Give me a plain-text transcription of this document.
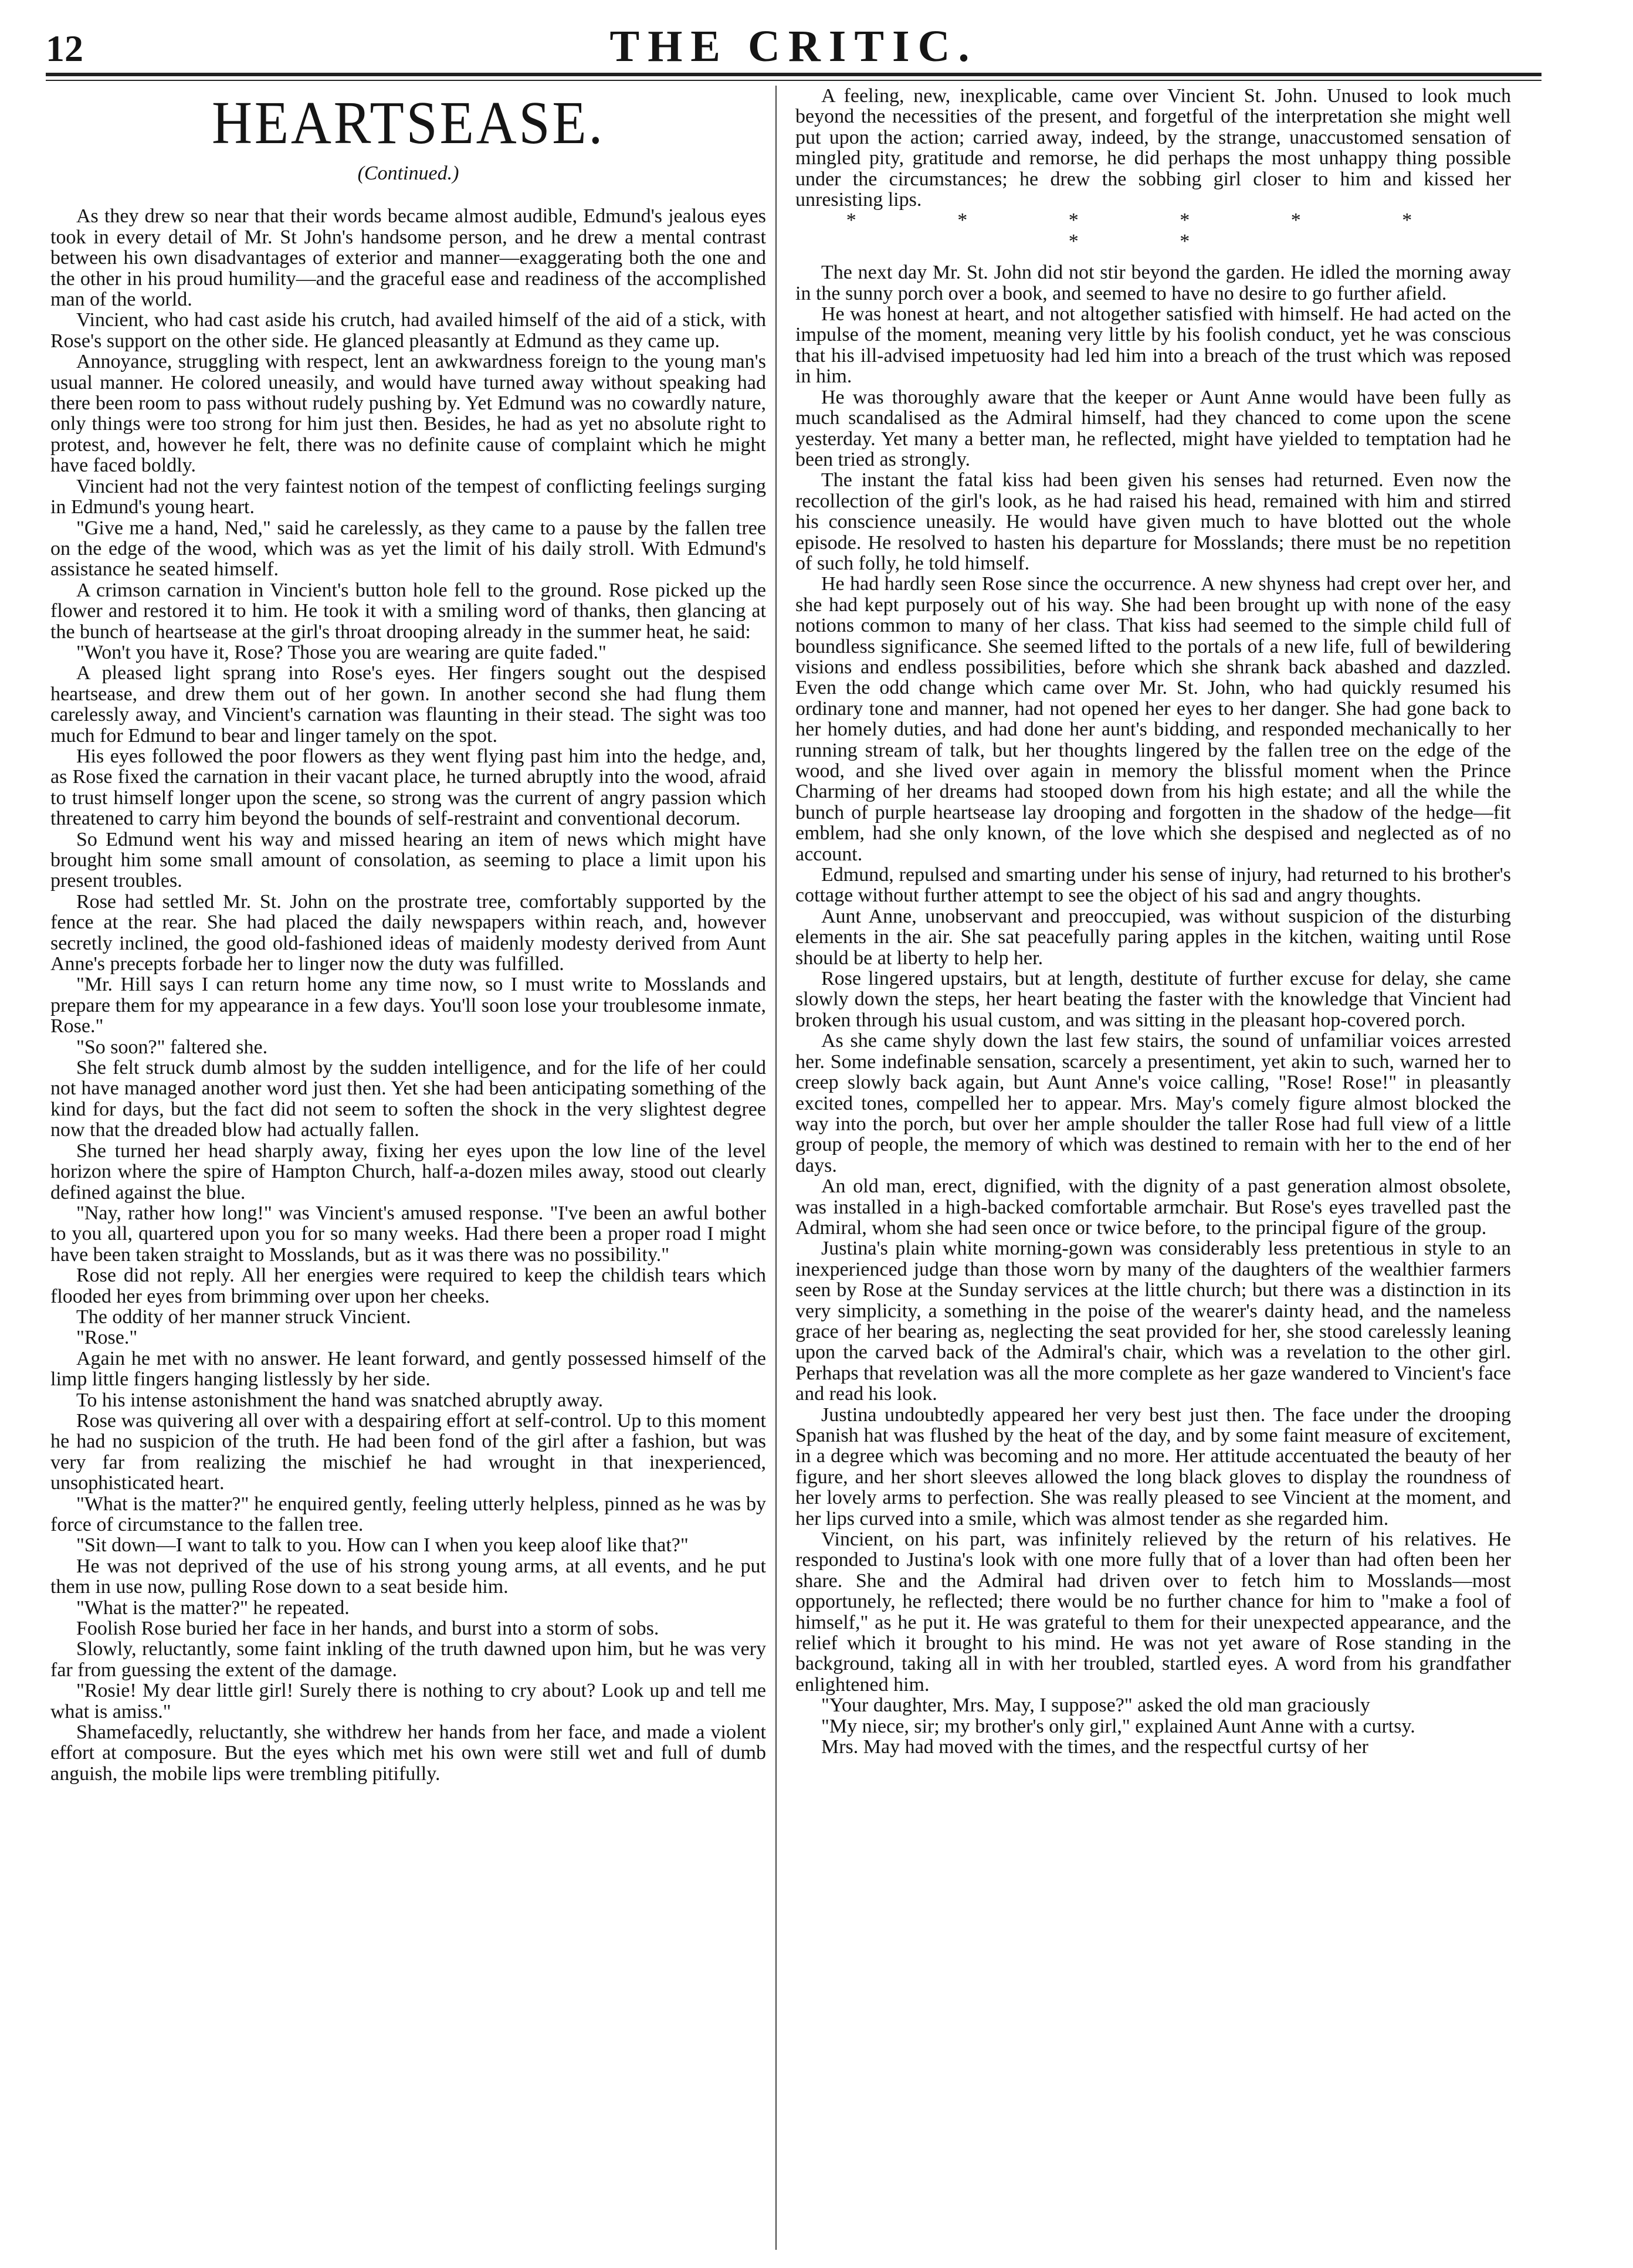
12	THE CRITIC.
HEARTSEASE.
(Continued.)

As they drew so near that their words became almost audible, Edmund's jealous eyes took in every detail of Mr. St John's handsome person, and he drew a mental contrast between his own disadvantages of exterior and manner—exaggerating both the one and the other in his proud humility—and the graceful ease and readiness of the accomplished man of the world.

Vincient, who had cast aside his crutch, had availed himself of the aid of a stick, with Rose's support on the other side. He glanced pleasantly at Edmund as they came up.

Annoyance, struggling with respect, lent an awkwardness foreign to the young man's usual manner. He colored uneasily, and would have turned away without speaking had there been room to pass without rudely pushing by. Yet Edmund was no cowardly nature, only things were too strong for him just then. Besides, he had as yet no absolute right to protest, and, however he felt, there was no definite cause of complaint which he might have faced boldly.

Vincient had not the very faintest notion of the tempest of conflicting feelings surging in Edmund's young heart.

"Give me a hand, Ned," said he carelessly, as they came to a pause by the fallen tree on the edge of the wood, which was as yet the limit of his daily stroll. With Edmund's assistance he seated himself.

A crimson carnation in Vincient's button hole fell to the ground. Rose picked up the flower and restored it to him. He took it with a smiling word of thanks, then glancing at the bunch of heartsease at the girl's throat drooping already in the summer heat, he said:

"Won't you have it, Rose? Those you are wearing are quite faded."

A pleased light sprang into Rose's eyes. Her fingers sought out the despised heartsease, and drew them out of her gown. In another second she had flung them carelessly away, and Vincient's carnation was flaunting in their stead. The sight was too much for Edmund to bear and linger tamely on the spot.

His eyes followed the poor flowers as they went flying past him into the hedge, and, as Rose fixed the carnation in their vacant place, he turned abruptly into the wood, afraid to trust himself longer upon the scene, so strong was the current of angry passion which threatened to carry him beyond the bounds of self-restraint and conventional decorum.

So Edmund went his way and missed hearing an item of news which might have brought him some small amount of consolation, as seeming to place a limit upon his present troubles.

Rose had settled Mr. St. John on the prostrate tree, comfortably supported by the fence at the rear. She had placed the daily newspapers within reach, and, however secretly inclined, the good old-fashioned ideas of maidenly modesty derived from Aunt Anne's precepts forbade her to linger now the duty was fulfilled.

"Mr. Hill says I can return home any time now, so I must write to Mosslands and prepare them for my appearance in a few days. You'll soon lose your troublesome inmate, Rose."

"So soon?" faltered she.

She felt struck dumb almost by the sudden intelligence, and for the life of her could not have managed another word just then. Yet she had been anticipating something of the kind for days, but the fact did not seem to soften the shock in the very slightest degree now that the dreaded blow had actually fallen.

She turned her head sharply away, fixing her eyes upon the low line of the level horizon where the spire of Hampton Church, half-a-dozen miles away, stood out clearly defined against the blue.

"Nay, rather how long!" was Vincient's amused response. "I've been an awful bother to you all, quartered upon you for so many weeks. Had there been a proper road I might have been taken straight to Mosslands, but as it was there was no possibility."

Rose did not reply. All her energies were required to keep the childish tears which flooded her eyes from brimming over upon her cheeks.

The oddity of her manner struck Vincient.

"Rose."

Again he met with no answer. He leant forward, and gently possessed himself of the limp little fingers hanging listlessly by her side.

To his intense astonishment the hand was snatched abruptly away.

Rose was quivering all over with a despairing effort at self-control. Up to this moment he had no suspicion of the truth. He had been fond of the girl after a fashion, but was very far from realizing the mischief he had wrought in that inexperienced, unsophisticated heart.

"What is the matter?" he enquired gently, feeling utterly helpless, pinned as he was by force of circumstance to the fallen tree.

"Sit down—I want to talk to you. How can I when you keep aloof like that?"

He was not deprived of the use of his strong young arms, at all events, and he put them in use now, pulling Rose down to a seat beside him.

"What is the matter?" he repeated.

Foolish Rose buried her face in her hands, and burst into a storm of sobs.

Slowly, reluctantly, some faint inkling of the truth dawned upon him, but he was very far from guessing the extent of the damage.

"Rosie! My dear little girl! Surely there is nothing to cry about? Look up and tell me what is amiss."

Shamefacedly, reluctantly, she withdrew her hands from her face, and made a violent effort at composure. But the eyes which met his own were still wet and full of dumb anguish, the mobile lips were trembling pitifully.

A feeling, new, inexplicable, came over Vincient St. John. Unused to look much beyond the necessities of the present, and forgetful of the interpretation she might well put upon the action; carried away, indeed, by the strange, unaccustomed sensation of mingled pity, gratitude and remorse, he did perhaps the most unhappy thing possible under the circumstances; he drew the sobbing girl closer to him and kissed her unresisting lips.

* * * * * * * *

The next day Mr. St. John did not stir beyond the garden. He idled the morning away in the sunny porch over a book, and seemed to have no desire to go further afield.

He was honest at heart, and not altogether satisfied with himself. He had acted on the impulse of the moment, meaning very little by his foolish conduct, yet he was conscious that his ill-advised impetuosity had led him into a breach of the trust which was reposed in him.

He was thoroughly aware that the keeper or Aunt Anne would have been fully as much scandalised as the Admiral himself, had they chanced to come upon the scene yesterday. Yet many a better man, he reflected, might have yielded to temptation had he been tried as strongly.

The instant the fatal kiss had been given his senses had returned. Even now the recollection of the girl's look, as he had raised his head, remained with him and stirred his conscience uneasily. He would have given much to have blotted out the whole episode. He resolved to hasten his departure for Mosslands; there must be no repetition of such folly, he told himself.

He had hardly seen Rose since the occurrence. A new shyness had crept over her, and she had kept purposely out of his way. She had been brought up with none of the easy notions common to many of her class. That kiss had seemed to the simple child full of boundless significance. She seemed lifted to the portals of a new life, full of bewildering visions and endless possibilities, before which she shrank back abashed and dazzled. Even the odd change which came over Mr. St. John, who had quickly resumed his ordinary tone and manner, had not opened her eyes to her danger. She had gone back to her homely duties, and had done her aunt's bidding, and responded mechanically to her running stream of talk, but her thoughts lingered by the fallen tree on the edge of the wood, and she lived over again in memory the blissful moment when the Prince Charming of her dreams had stooped down from his high estate; and all the while the bunch of purple heartsease lay drooping and forgotten in the shadow of the hedge—fit emblem, had she only known, of the love which she despised and neglected as of no account.

Edmund, repulsed and smarting under his sense of injury, had returned to his brother's cottage without further attempt to see the object of his sad and angry thoughts.

Aunt Anne, unobservant and preoccupied, was without suspicion of the disturbing elements in the air. She sat peacefully paring apples in the kitchen, waiting until Rose should be at liberty to help her.

Rose lingered upstairs, but at length, destitute of further excuse for delay, she came slowly down the steps, her heart beating the faster with the knowledge that Vincient had broken through his usual custom, and was sitting in the pleasant hop-covered porch.

As she came shyly down the last few stairs, the sound of unfamiliar voices arrested her. Some indefinable sensation, scarcely a presentiment, yet akin to such, warned her to creep slowly back again, but Aunt Anne's voice calling, "Rose! Rose!" in pleasantly excited tones, compelled her to appear. Mrs. May's comely figure almost blocked the way into the porch, but over her ample shoulder the taller Rose had full view of a little group of people, the memory of which was destined to remain with her to the end of her days.

An old man, erect, dignified, with the dignity of a past generation almost obsolete, was installed in a high-backed comfortable armchair. But Rose's eyes travelled past the Admiral, whom she had seen once or twice before, to the principal figure of the group.

Justina's plain white morning-gown was considerably less pretentious in style to an inexperienced judge than those worn by many of the daughters of the wealthier farmers seen by Rose at the Sunday services at the little church; but there was a distinction in its very simplicity, a something in the poise of the wearer's dainty head, and the nameless grace of her bearing as, neglecting the seat provided for her, she stood carelessly leaning upon the carved back of the Admiral's chair, which was a revelation to the other girl. Perhaps that revelation was all the more complete as her gaze wandered to Vincient's face and read his look.

Justina undoubtedly appeared her very best just then. The face under the drooping Spanish hat was flushed by the heat of the day, and by some faint measure of excitement, in a degree which was becoming and no more. Her attitude accentuated the beauty of her figure, and her short sleeves allowed the long black gloves to display the roundness of her lovely arms to perfection. She was really pleased to see Vincient at the moment, and her lips curved into a smile, which was almost tender as she regarded him.

Vincient, on his part, was infinitely relieved by the return of his relatives. He responded to Justina's look with one more fully that of a lover than had often been her share. She and the Admiral had driven over to fetch him to Mosslands—most opportunely, he reflected; there would be no further chance for him to "make a fool of himself," as he put it. He was grateful to them for their unexpected appearance, and the relief which it brought to his mind. He was not yet aware of Rose standing in the background, taking all in with her troubled, startled eyes. A word from his grandfather enlightened him.

"Your daughter, Mrs. May, I suppose?" asked the old man graciously

"My niece, sir; my brother's only girl," explained Aunt Anne with a curtsy.

Mrs. May had moved with the times, and the respectful curtsy of her
